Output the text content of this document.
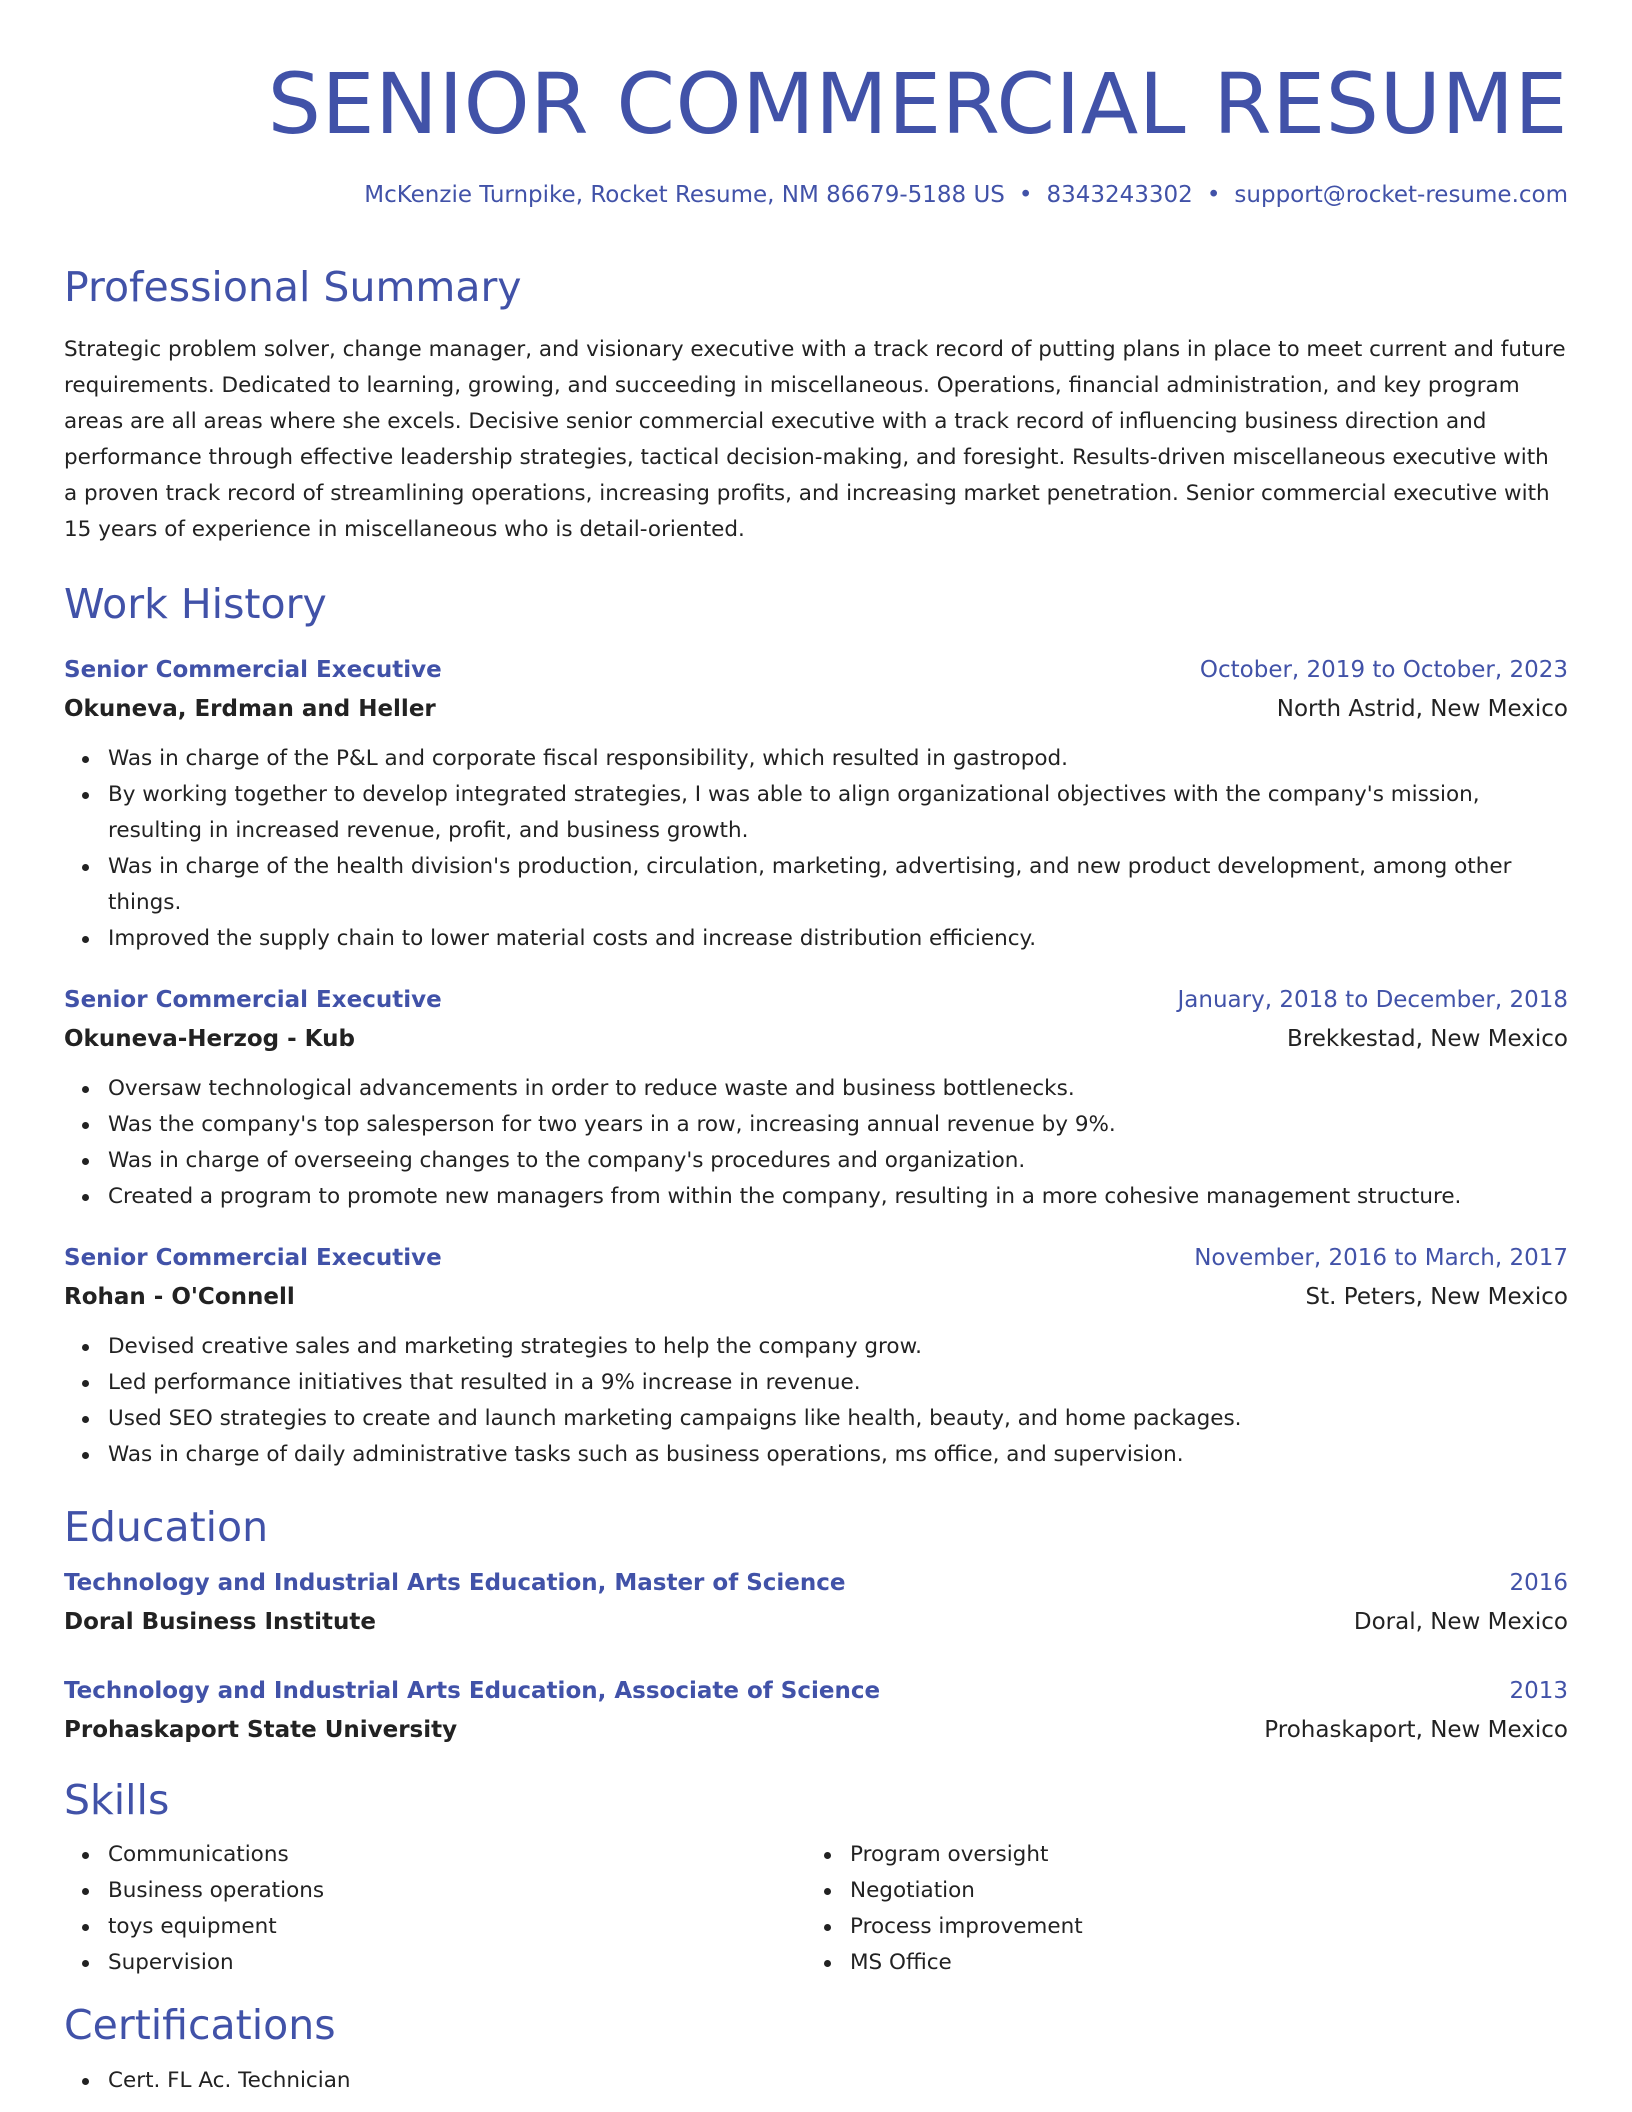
SENIOR COMMERCIAL RESUME
McKenzie Turnpike, Rocket Resume, NM 86679-5188 US • 8343243302 • support@rocket-resume.com
Professional Summary

Strategic problem solver, change manager, and visionary executive with a track record of putting plans in place to meet current and future requirements. Dedicated to learning, growing, and succeeding in miscellaneous. Operations, financial administration, and key program areas are all areas where she excels. Decisive senior commercial executive with a track record of influencing business direction and performance through effective leadership strategies, tactical decision-making, and foresight. Results-driven miscellaneous executive with a proven track record of streamlining operations, increasing profits, and increasing market penetration. Senior commercial executive with 15 years of experience in miscellaneous who is detail-oriented.

Work History
Senior Commercial Executive	October, 2019 to October, 2023
Okuneva, Erdman and Heller	North Astrid, New Mexico
Was in charge of the P&L and corporate fiscal responsibility, which resulted in gastropod.
By working together to develop integrated strategies, I was able to align organizational objectives with the company's mission, resulting in increased revenue, profit, and business growth.
Was in charge of the health division's production, circulation, marketing, advertising, and new product development, among other things.
Improved the supply chain to lower material costs and increase distribution efficiency.
Senior Commercial Executive	January, 2018 to December, 2018
Okuneva-Herzog - Kub	Brekkestad, New Mexico
Oversaw technological advancements in order to reduce waste and business bottlenecks.
Was the company's top salesperson for two years in a row, increasing annual revenue by 9%.
Was in charge of overseeing changes to the company's procedures and organization.
Created a program to promote new managers from within the company, resulting in a more cohesive management structure.
Senior Commercial Executive	November, 2016 to March, 2017
Rohan - O'Connell	St. Peters, New Mexico
Devised creative sales and marketing strategies to help the company grow.
Led performance initiatives that resulted in a 9% increase in revenue.
Used SEO strategies to create and launch marketing campaigns like health, beauty, and home packages.
Was in charge of daily administrative tasks such as business operations, ms office, and supervision.
Education
Technology and Industrial Arts Education, Master of Science	2016
Doral Business Institute	Doral, New Mexico
Technology and Industrial Arts Education, Associate of Science	2013
Prohaskaport State University	Prohaskaport, New Mexico
Skills
Communications
Business operations
toys equipment
Supervision
Program oversight
Negotiation
Process improvement
MS Office
Certifications
Cert. FL Ac. Technician
